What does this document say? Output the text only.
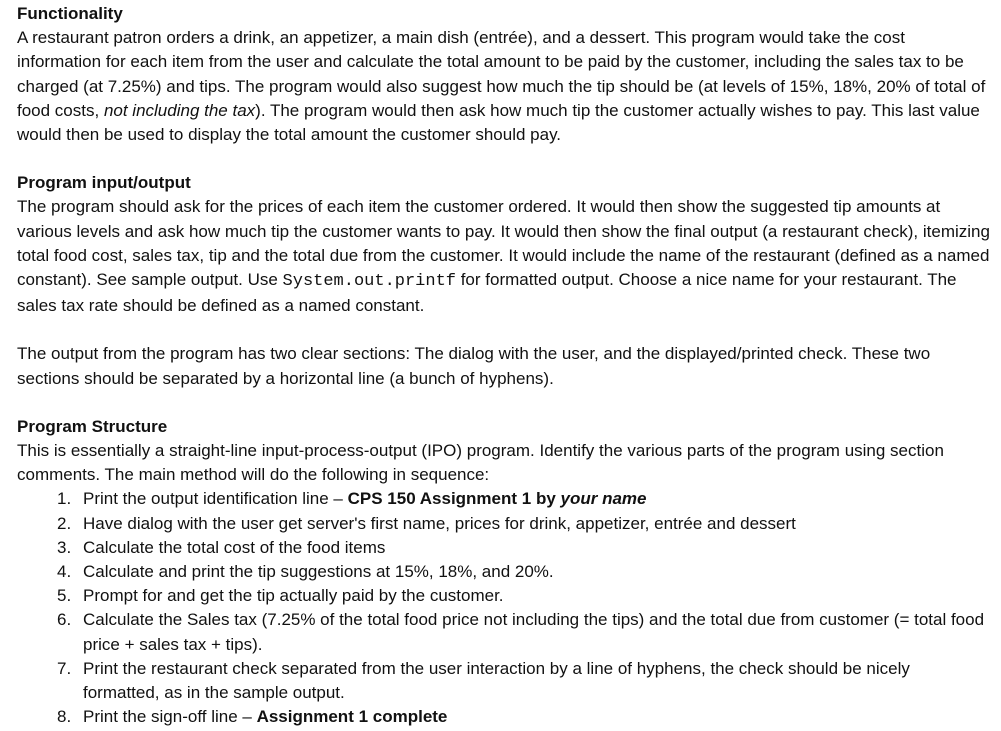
Functionality

A restaurant patron orders a drink, an appetizer, a main dish (entrée), and a dessert. This program would take the cost information for each item from the user and calculate the total amount to be paid by the customer, including the sales tax to be charged (at 7.25%) and tips. The program would also suggest how much the tip should be (at levels of 15%, 18%, 20% of total of food costs, not including the tax). The program would then ask how much tip the customer actually wishes to pay. This last value would then be used to display the total amount the customer should pay.

Program input/output

The program should ask for the prices of each item the customer ordered. It would then show the suggested tip amounts at various levels and ask how much tip the customer wants to pay. It would then show the final output (a restaurant check), itemizing total food cost, sales tax, tip and the total due from the customer. It would include the name of the restaurant (defined as a named constant). See sample output. Use System.out.printf for formatted output. Choose a nice name for your restaurant. The sales tax rate should be defined as a named constant.

The output from the program has two clear sections: The dialog with the user, and the displayed/printed check. These two sections should be separated by a horizontal line (a bunch of hyphens).

Program Structure

This is essentially a straight-line input-process-output (IPO) program. Identify the various parts of the program using section comments. The main method will do the following in sequence:

1. Print the output identification line – CPS 150 Assignment 1 by your name
2. Have dialog with the user get server's first name, prices for drink, appetizer, entrée and dessert
3. Calculate the total cost of the food items
4. Calculate and print the tip suggestions at 15%, 18%, and 20%.
5. Prompt for and get the tip actually paid by the customer.
6. Calculate the Sales tax (7.25% of the total food price not including the tips) and the total due from customer (= total food price + sales tax + tips).
7. Print the restaurant check separated from the user interaction by a line of hyphens, the check should be nicely formatted, as in the sample output.
8. Print the sign-off line – Assignment 1 complete
